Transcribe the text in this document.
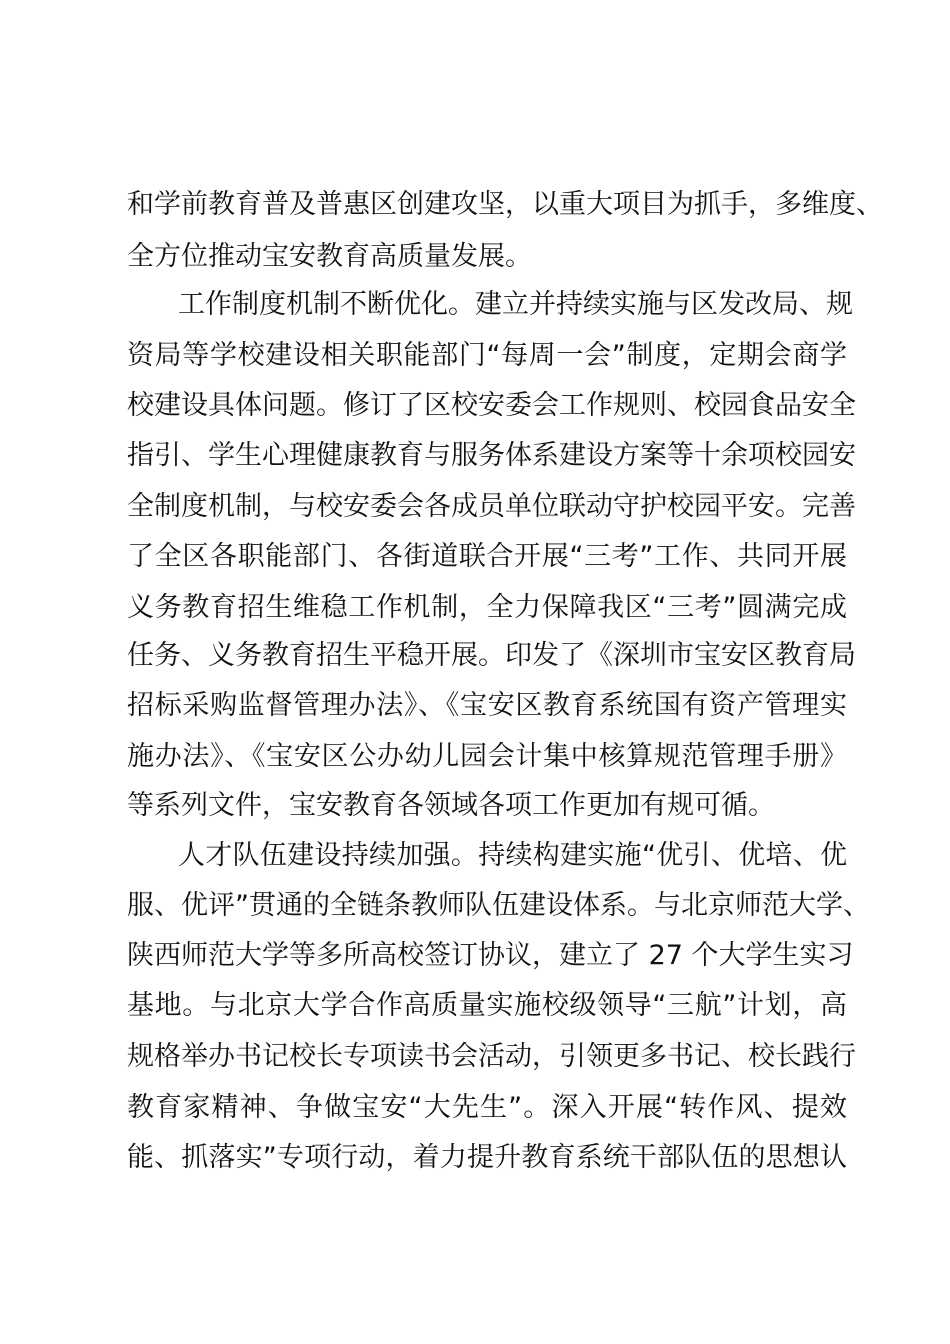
和学前教育普及普惠区创建攻坚，以重大项目为抓手，多维度、
全方位推动宝安教育高质量发展。
工作制度机制不断优化。建立并持续实施与区发改局、规
资局等学校建设相关职能部门“每周一会”制度，定期会商学
校建设具体问题。修订了区校安委会工作规则、校园食品安全
指引、学生心理健康教育与服务体系建设方案等十余项校园安
全制度机制，与校安委会各成员单位联动守护校园平安。完善
了全区各职能部门、各街道联合开展“三考”工作、共同开展
义务教育招生维稳工作机制，全力保障我区“三考”圆满完成
任务、义务教育招生平稳开展。印发了《深圳市宝安区教育局
招标采购监督管理办法》、《宝安区教育系统国有资产管理实
施办法》、《宝安区公办幼儿园会计集中核算规范管理手册》
等系列文件，宝安教育各领域各项工作更加有规可循。
人才队伍建设持续加强。持续构建实施“优引、优培、优
服、优评”贯通的全链条教师队伍建设体系。与北京师范大学、
陕西师范大学等多所高校签订协议，建立了 27 个大学生实习
基地。与北京大学合作高质量实施校级领导“三航”计划，高
规格举办书记校长专项读书会活动，引领更多书记、校长践行
教育家精神、争做宝安“大先生”。深入开展“转作风、提效
能、抓落实”专项行动，着力提升教育系统干部队伍的思想认
